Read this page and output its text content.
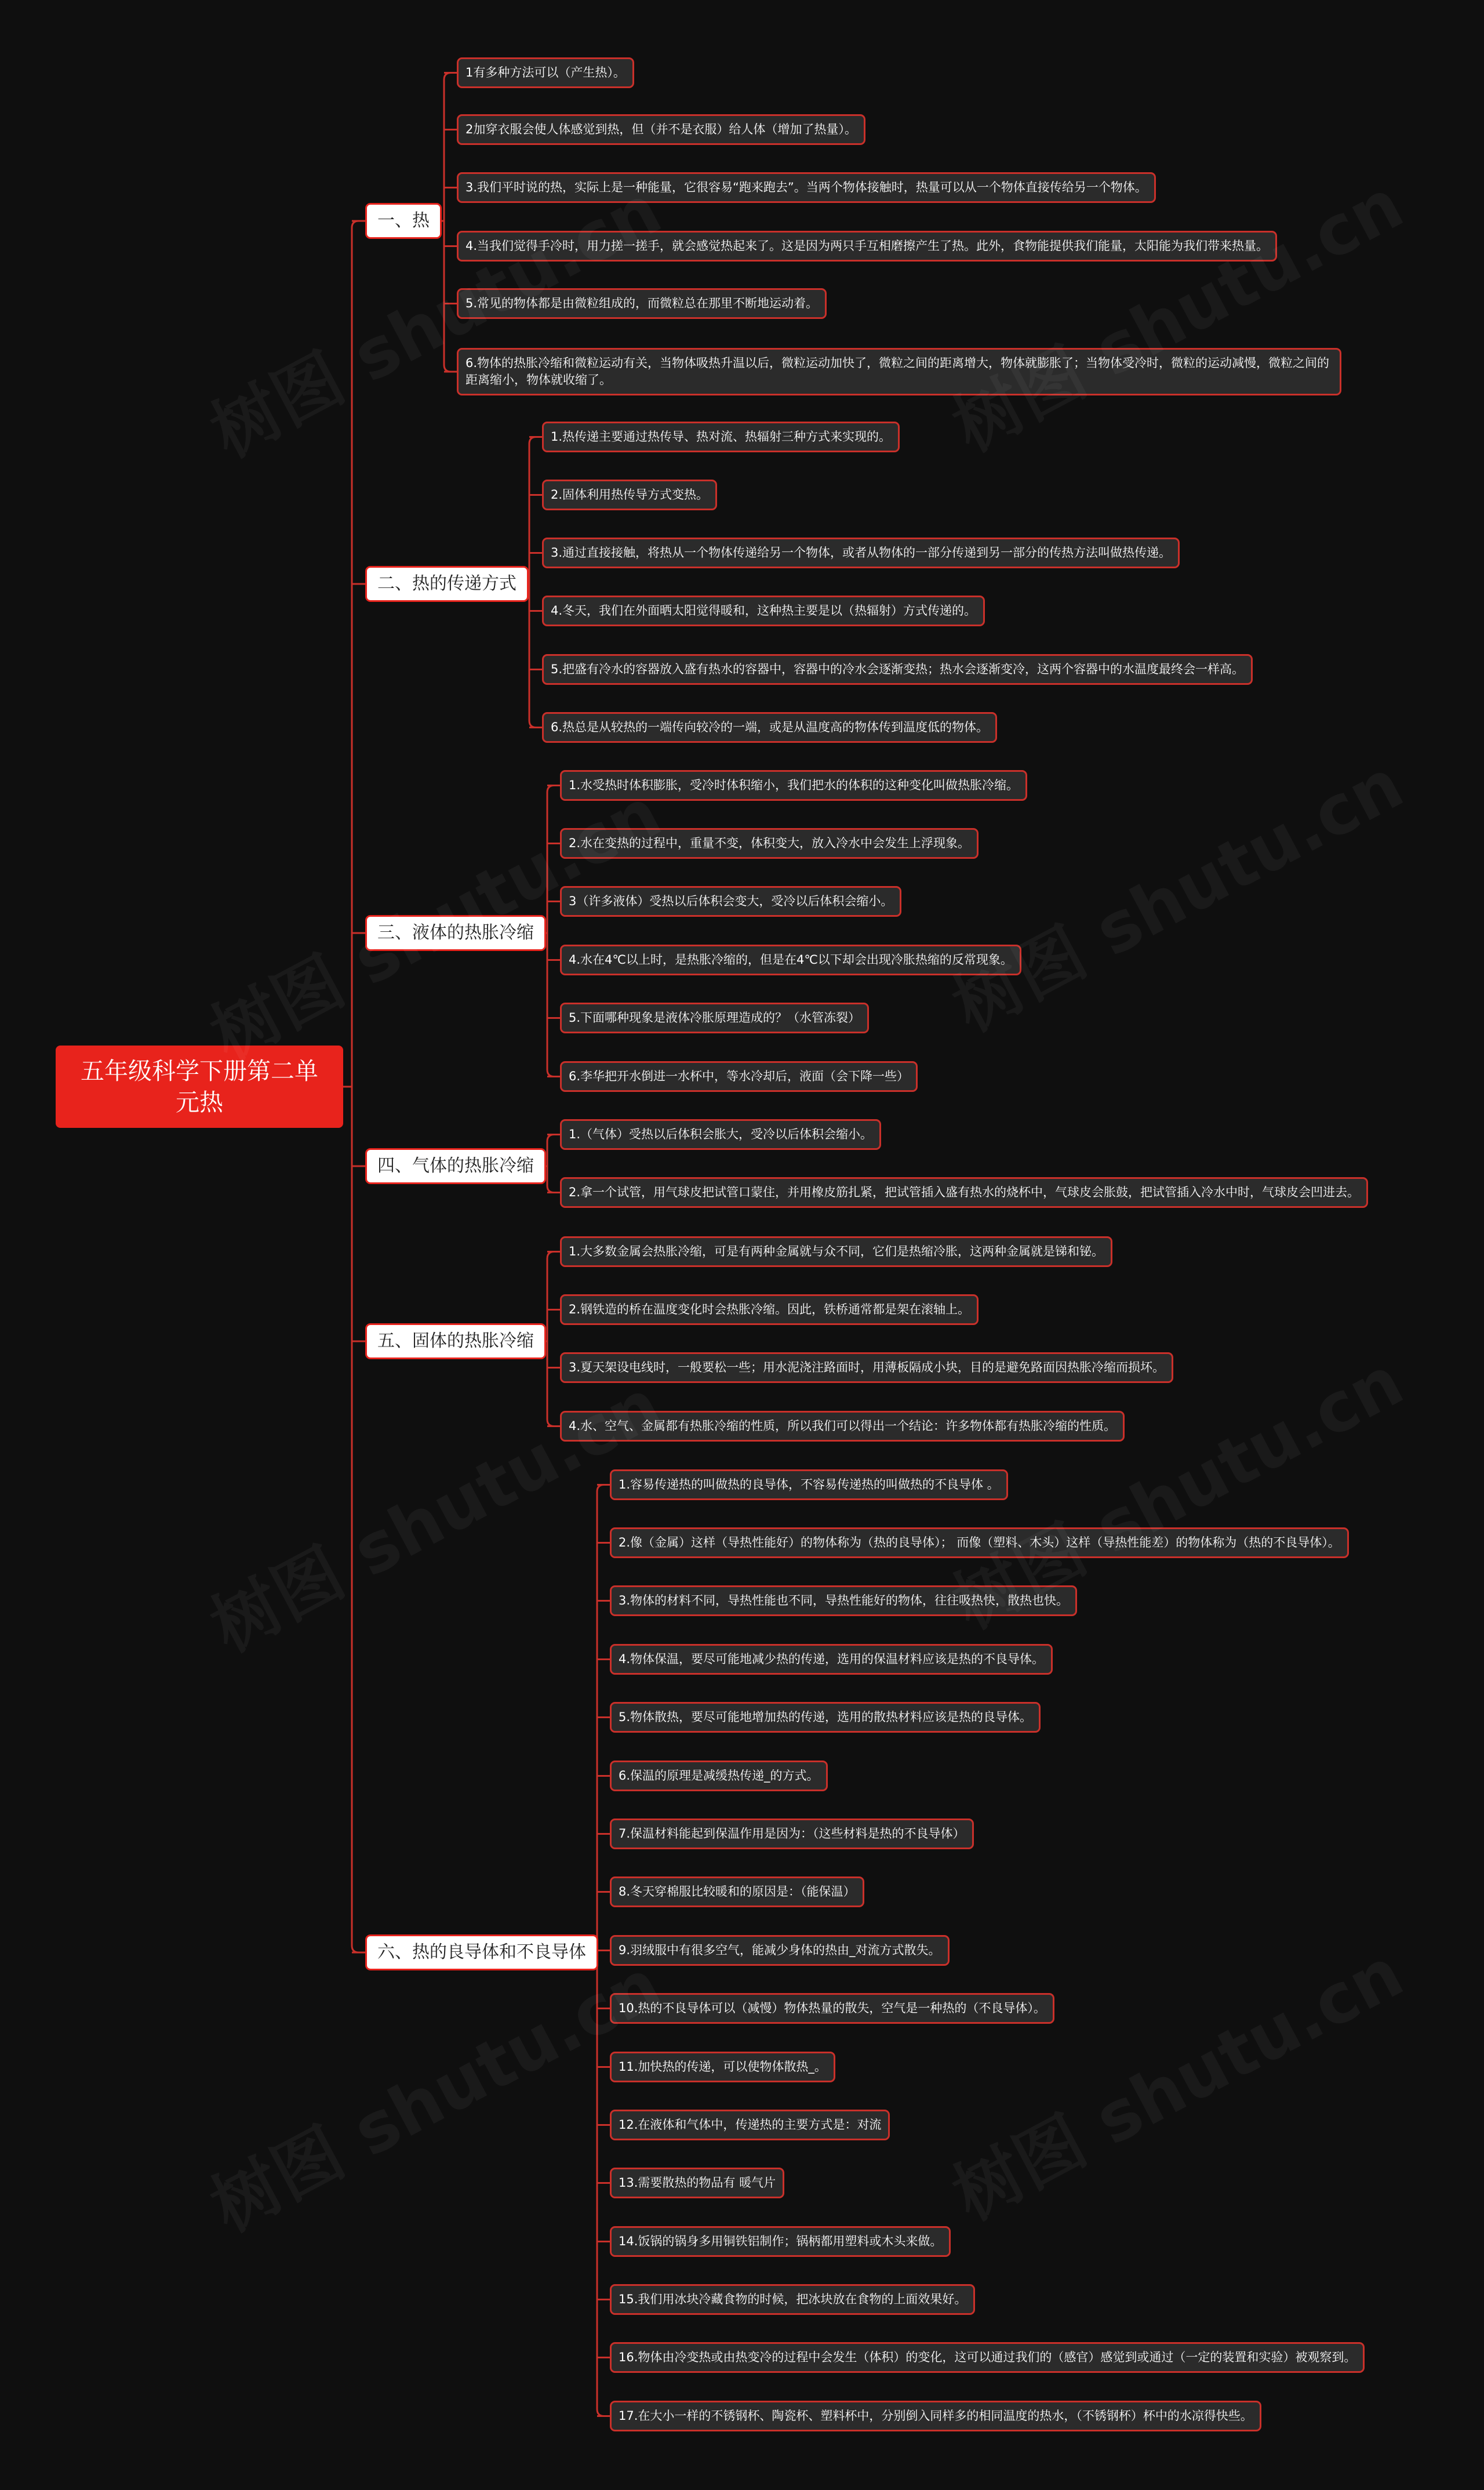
五年级科学下册第二单元热
一、热
1有多种方法可以（产生热）。
2加穿衣服会使人体感觉到热，但（并不是衣服）给人体（增加了热量）。
3.我们平时说的热，实际上是一种能量，它很容易“跑来跑去”。当两个物体接触时，热量可以从一个物体直接传给另一个物体。
4.当我们觉得手冷时，用力搓一搓手，就会感觉热起来了。这是因为两只手互相磨擦产生了热。此外，食物能提供我们能量，太阳能为我们带来热量。
5.常见的物体都是由微粒组成的，而微粒总在那里不断地运动着。
6.物体的热胀冷缩和微粒运动有关，当物体吸热升温以后，微粒运动加快了，微粒之间的距离增大，物体就膨胀了；当物体受冷时，微粒的运动减慢，微粒之间的距离缩小，物体就收缩了。
二、热的传递方式
1.热传递主要通过热传导、热对流、热辐射三种方式来实现的。
2.固体利用热传导方式变热。
3.通过直接接触，将热从一个物体传递给另一个物体，或者从物体的一部分传递到另一部分的传热方法叫做热传递。
4.冬天，我们在外面晒太阳觉得暖和，这种热主要是以（热辐射）方式传递的。
5.把盛有冷水的容器放入盛有热水的容器中，容器中的冷水会逐渐变热；热水会逐渐变冷，这两个容器中的水温度最终会一样高。
6.热总是从较热的一端传向较冷的一端，或是从温度高的物体传到温度低的物体。
三、液体的热胀冷缩
1.水受热时体积膨胀，受冷时体积缩小，我们把水的体积的这种变化叫做热胀冷缩。
2.水在变热的过程中，重量不变，体积变大，放入冷水中会发生上浮现象。
3（许多液体）受热以后体积会变大，受冷以后体积会缩小。
4.水在4℃以上时，是热胀冷缩的，但是在4℃以下却会出现冷胀热缩的反常现象。
5.下面哪种现象是液体冷胀原理造成的？（水管冻裂）
6.李华把开水倒进一水杯中，等水冷却后，液面（会下降一些）
四、气体的热胀冷缩
1.（气体）受热以后体积会胀大，受冷以后体积会缩小。
2.拿一个试管，用气球皮把试管口蒙住，并用橡皮筋扎紧，把试管插入盛有热水的烧杯中，气球皮会胀鼓，把试管插入冷水中时，气球皮会凹进去。
五、固体的热胀冷缩
1.大多数金属会热胀冷缩，可是有两种金属就与众不同，它们是热缩冷胀，这两种金属就是锑和铋。
2.钢铁造的桥在温度变化时会热胀冷缩。因此，铁桥通常都是架在滚轴上。
3.夏天架设电线时，一般要松一些；用水泥浇注路面时，用薄板隔成小块，目的是避免路面因热胀冷缩而损坏。
4.水、空气、金属都有热胀冷缩的性质，所以我们可以得出一个结论：许多物体都有热胀冷缩的性质。
六、热的良导体和不良导体
1.容易传递热的叫做热的良导体，不容易传递热的叫做热的不良导体 。
2.像（金属）这样（导热性能好）的物体称为（热的良导体）； 而像（塑料、木头）这样（导热性能差）的物体称为（热的不良导体）。
3.物体的材料不同，导热性能也不同，导热性能好的物体，往往吸热快，散热也快。
4.物体保温，要尽可能地减少热的传递，选用的保温材料应该是热的不良导体。
5.物体散热，要尽可能地增加热的传递，选用的散热材料应该是热的良导体。
6.保温的原理是减缓热传递_的方式。
7.保温材料能起到保温作用是因为：（这些材料是热的不良导体）
8.冬天穿棉服比较暖和的原因是：（能保温）
9.羽绒服中有很多空气，能减少身体的热由_对流方式散失。
10.热的不良导体可以（减慢）物体热量的散失，空气是一种热的（不良导体）。
11.加快热的传递，可以使物体散热_。
12.在液体和气体中，传递热的主要方式是：对流
13.需要散热的物品有 暖气片
14.饭锅的锅身多用铜铁铝制作；锅柄都用塑料或木头来做。
15.我们用冰块冷藏食物的时候，把冰块放在食物的上面效果好。
16.物体由冷变热或由热变冷的过程中会发生（体积）的变化，这可以通过我们的（感官）感觉到或通过（一定的装置和实验）被观察到。
17.在大小一样的不锈钢杯、陶瓷杯、塑料杯中，分别倒入同样多的相同温度的热水，（不锈钢杯）杯中的水凉得快些。
